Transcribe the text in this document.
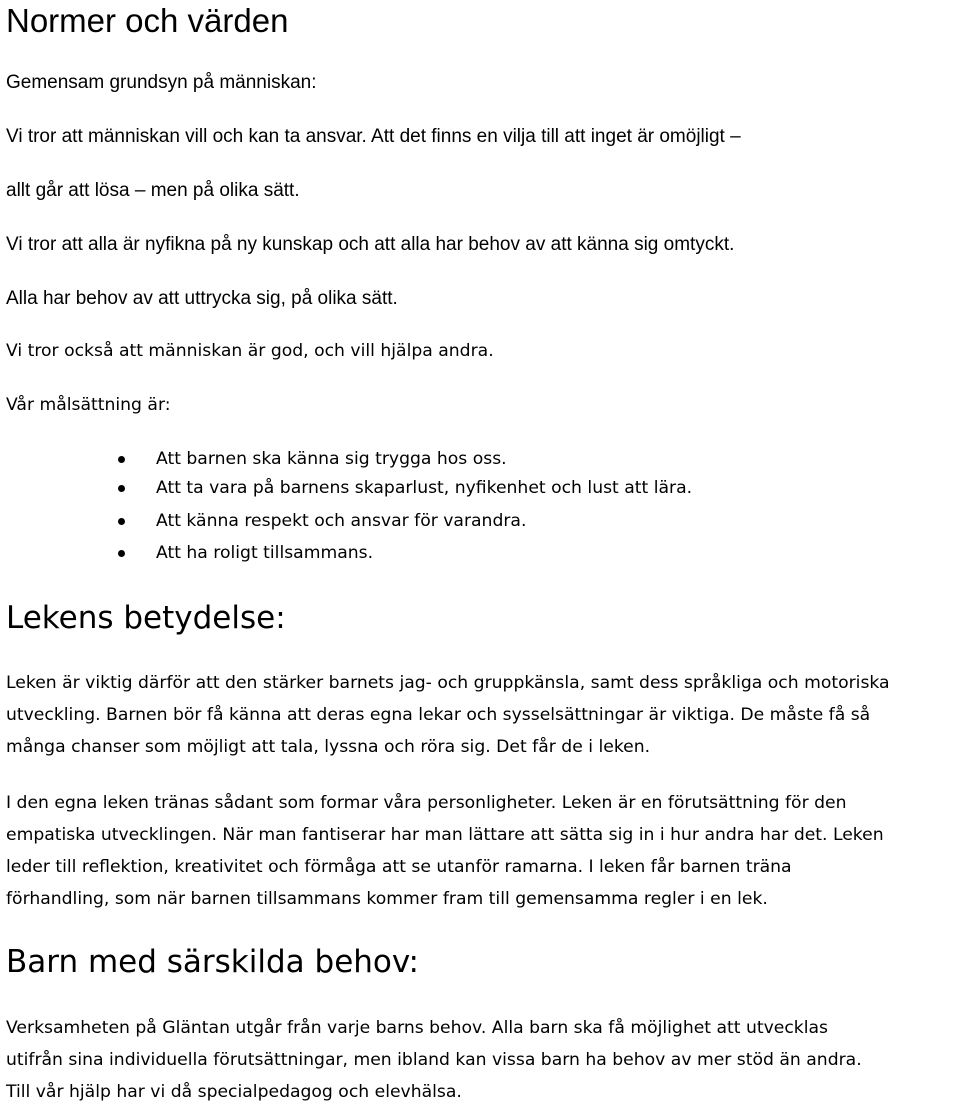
Normer och värden

Gemensam grundsyn på människan:

Vi tror att människan vill och kan ta ansvar. Att det finns en vilja till att inget är omöjligt –

allt går att lösa – men på olika sätt.

Vi tror att alla är nyfikna på ny kunskap och att alla har behov av att känna sig omtyckt.

Alla har behov av att uttrycka sig, på olika sätt.

Vi tror också att människan är god, och vill hjälpa andra.

Vår målsättning är:

Att barnen ska känna sig trygga hos oss.

Att ta vara på barnens skaparlust, nyfikenhet och lust att lära.

Att känna respekt och ansvar för varandra.

Att ha roligt tillsammans.

Lekens betydelse:

Leken är viktig därför att den stärker barnets jag- och gruppkänsla, samt dess språkliga och motoriska

utveckling. Barnen bör få känna att deras egna lekar och sysselsättningar är viktiga. De måste få så

många chanser som möjligt att tala, lyssna och röra sig. Det får de i leken.

I den egna leken tränas sådant som formar våra personligheter. Leken är en förutsättning för den

empatiska utvecklingen. När man fantiserar har man lättare att sätta sig in i hur andra har det. Leken

leder till reflektion, kreativitet och förmåga att se utanför ramarna. I leken får barnen träna

förhandling, som när barnen tillsammans kommer fram till gemensamma regler i en lek.

Barn med särskilda behov:

Verksamheten på Gläntan utgår från varje barns behov. Alla barn ska få möjlighet att utvecklas

utifrån sina individuella förutsättningar, men ibland kan vissa barn ha behov av mer stöd än andra.

Till vår hjälp har vi då specialpedagog och elevhälsa.
